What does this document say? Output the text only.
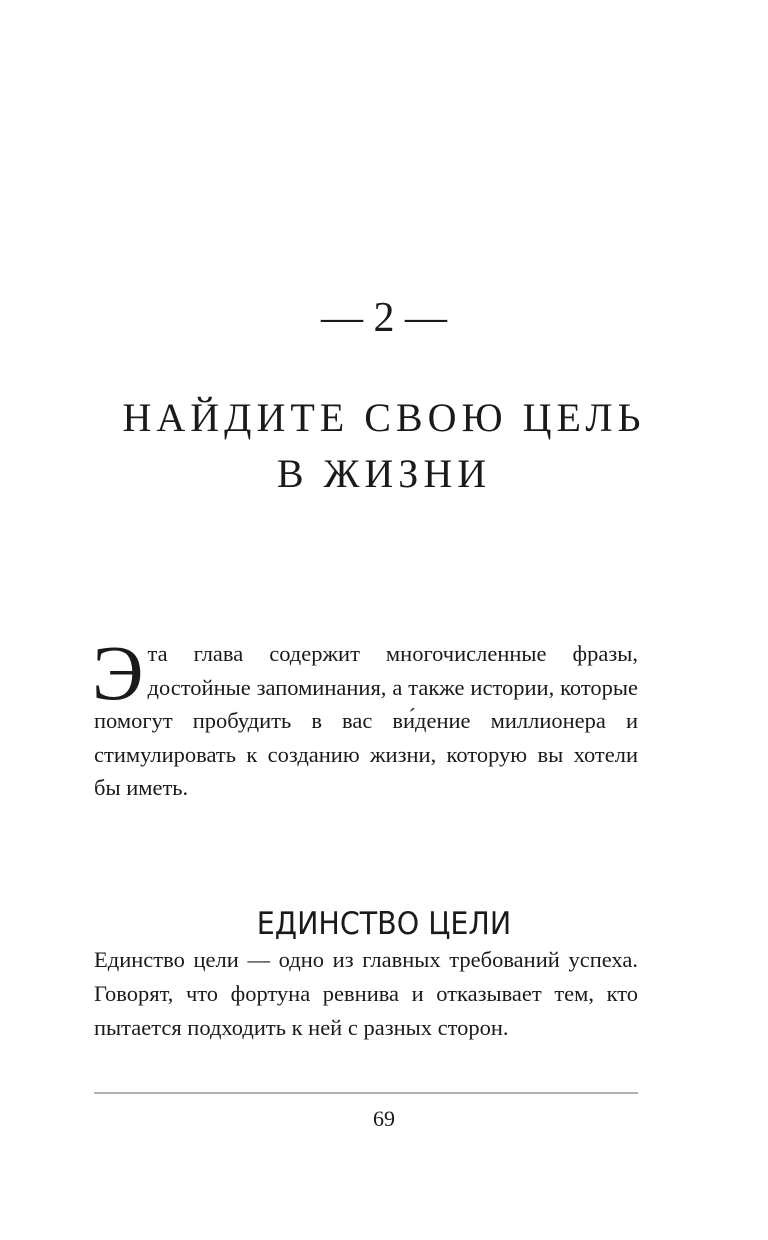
— 2 —
НАЙДИТЕ СВОЮ ЦЕЛЬ
В ЖИЗНИ
Э та глава содержит многочисленные фразы, достойные запоминания, а также истории, которые помогут пробудить в вас ви́дение миллионера и стимулировать к созданию жизни, которую вы хотели бы иметь.
ЕДИНСТВО ЦЕЛИ
Единство цели — одно из главных требований успеха. Говорят, что фортуна ревнива и отказывает тем, кто пытается подходить к ней с разных сторон.
69
